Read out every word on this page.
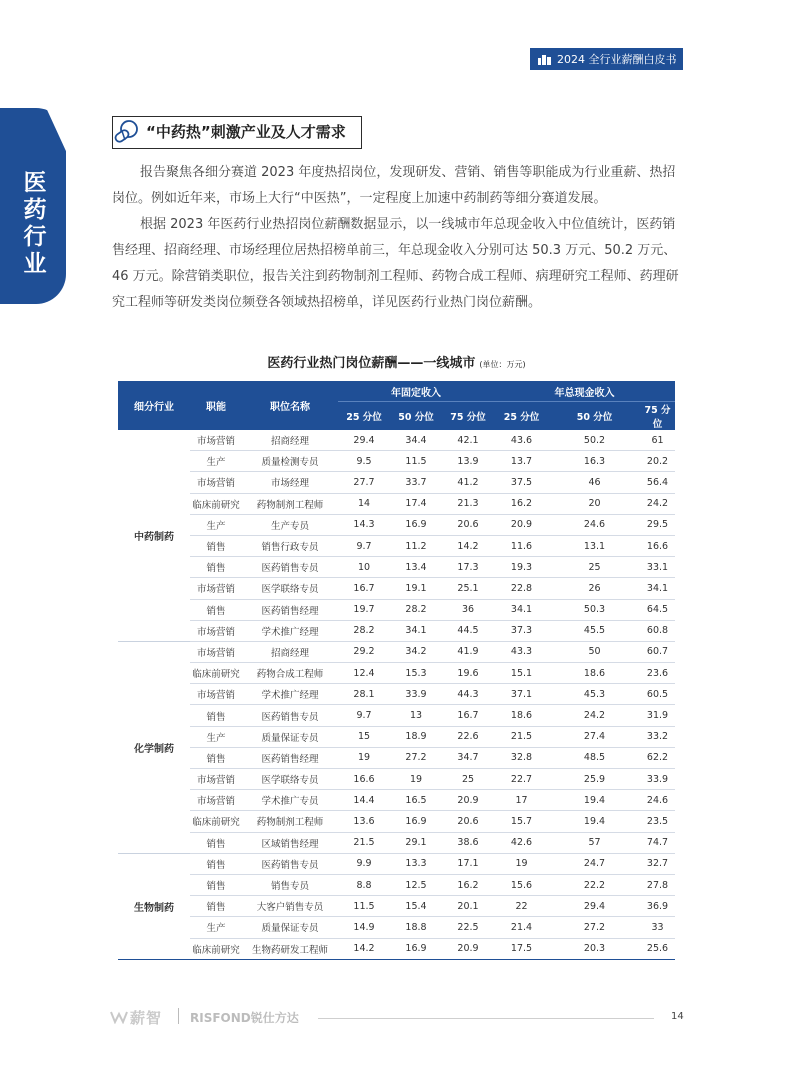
2024 全行业薪酬白皮书
医药行业
“中药热”刺激产业及人才需求

报告聚焦各细分赛道 2023 年度热招岗位，发现研发、营销、销售等职能成为行业重薪、热招岗位。例如近年来，市场上大行“中医热”，一定程度上加速中药制药等细分赛道发展。

根据 2023 年医药行业热招岗位薪酬数据显示，以一线城市年总现金收入中位值统计，医药销售经理、招商经理、市场经理位居热招榜单前三，年总现金收入分别可达 50.3 万元、50.2 万元、46 万元。除营销类职位，报告关注到药物制剂工程师、药物合成工程师、病理研究工程师、药理研究工程师等研发类岗位频登各领域热招榜单，详见医药行业热门岗位薪酬。

医药行业热门岗位薪酬——一线城市 (单位：万元)
细分行业	职能	职位名称	年固定收入			年总现金收入		
			25 分位	50 分位	75 分位	25 分位	50 分位	75 分位
中药制药	市场营销	招商经理	29.4	34.4	42.1	43.6	50.2	61
	生产	质量检测专员	9.5	11.5	13.9	13.7	16.3	20.2
	市场营销	市场经理	27.7	33.7	41.2	37.5	46	56.4
	临床前研究	药物制剂工程师	14	17.4	21.3	16.2	20	24.2
	生产	生产专员	14.3	16.9	20.6	20.9	24.6	29.5
	销售	销售行政专员	9.7	11.2	14.2	11.6	13.1	16.6
	销售	医药销售专员	10	13.4	17.3	19.3	25	33.1
	市场营销	医学联络专员	16.7	19.1	25.1	22.8	26	34.1
	销售	医药销售经理	19.7	28.2	36	34.1	50.3	64.5
	市场营销	学术推广经理	28.2	34.1	44.5	37.3	45.5	60.8
化学制药	市场营销	招商经理	29.2	34.2	41.9	43.3	50	60.7
	临床前研究	药物合成工程师	12.4	15.3	19.6	15.1	18.6	23.6
	市场营销	学术推广经理	28.1	33.9	44.3	37.1	45.3	60.5
	销售	医药销售专员	9.7	13	16.7	18.6	24.2	31.9
	生产	质量保证专员	15	18.9	22.6	21.5	27.4	33.2
	销售	医药销售经理	19	27.2	34.7	32.8	48.5	62.2
	市场营销	医学联络专员	16.6	19	25	22.7	25.9	33.9
	市场营销	学术推广专员	14.4	16.5	20.9	17	19.4	24.6
	临床前研究	药物制剂工程师	13.6	16.9	20.6	15.7	19.4	23.5
	销售	区域销售经理	21.5	29.1	38.6	42.6	57	74.7
生物制药	销售	医药销售专员	9.9	13.3	17.1	19	24.7	32.7
	销售	销售专员	8.8	12.5	16.2	15.6	22.2	27.8
	销售	大客户销售专员	11.5	15.4	20.1	22	29.4	36.9
	生产	质量保证专员	14.9	18.8	22.5	21.4	27.2	33
	临床前研究	生物药研发工程师	14.2	16.9	20.9	17.5	20.3	25.6
薪智 RISFOND锐仕方达	14
